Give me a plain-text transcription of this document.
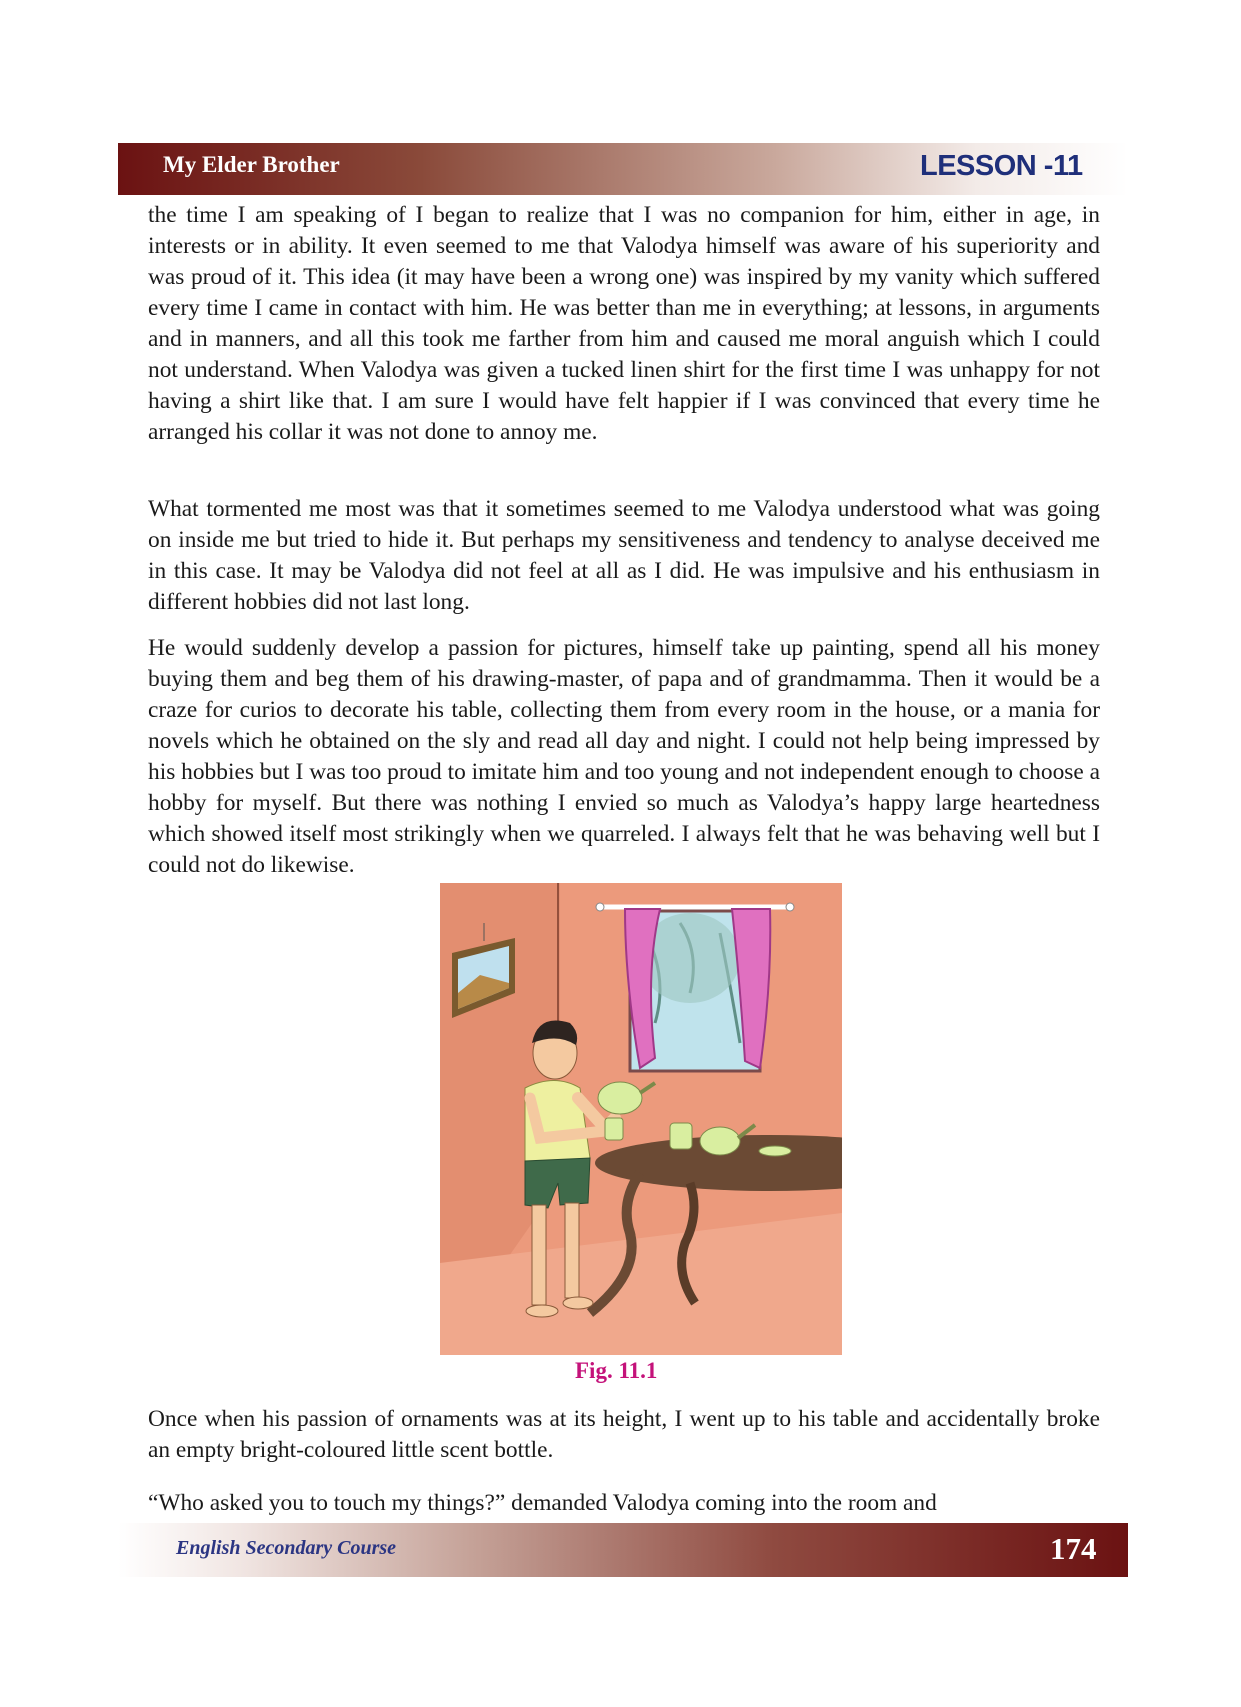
My Elder Brother	LESSON -11

the time I am speaking of I began to realize that I was no companion for him, either in age, in interests or in ability. It even seemed to me that Valodya himself was aware of his superiority and was proud of it. This idea (it may have been a wrong one) was inspired by my vanity which suffered every time I came in contact with him. He was better than me in everything; at lessons, in arguments and in manners, and all this took me farther from him and caused me moral anguish which I could not understand. When Valodya was given a tucked linen shirt for the first time I was unhappy for not having a shirt like that. I am sure I would have felt happier if I was convinced that every time he arranged his collar it was not done to annoy me.

What tormented me most was that it sometimes seemed to me Valodya understood what was going on inside me but tried to hide it. But perhaps my sensitiveness and tendency to analyse deceived me in this case. It may be Valodya did not feel at all as I did. He was impulsive and his enthusiasm in different hobbies did not last long.

He would suddenly develop a passion for pictures, himself take up painting, spend all his money buying them and beg them of his drawing-master, of papa and of grandmamma. Then it would be a craze for curios to decorate his table, collecting them from every room in the house, or a mania for novels which he obtained on the sly and read all day and night. I could not help being impressed by his hobbies but I was too proud to imitate him and too young and not independent enough to choose a hobby for myself. But there was nothing I envied so much as Valodya’s happy large heartedness which showed itself most strikingly when we quarreled. I always felt that he was behaving well but I could not do likewise.

Fig. 11.1

Once when his passion of ornaments was at its height, I went up to his table and accidentally broke an empty bright-coloured little scent bottle.

“Who asked you to touch my things?” demanded Valodya coming into the room and

English Secondary Course	174
